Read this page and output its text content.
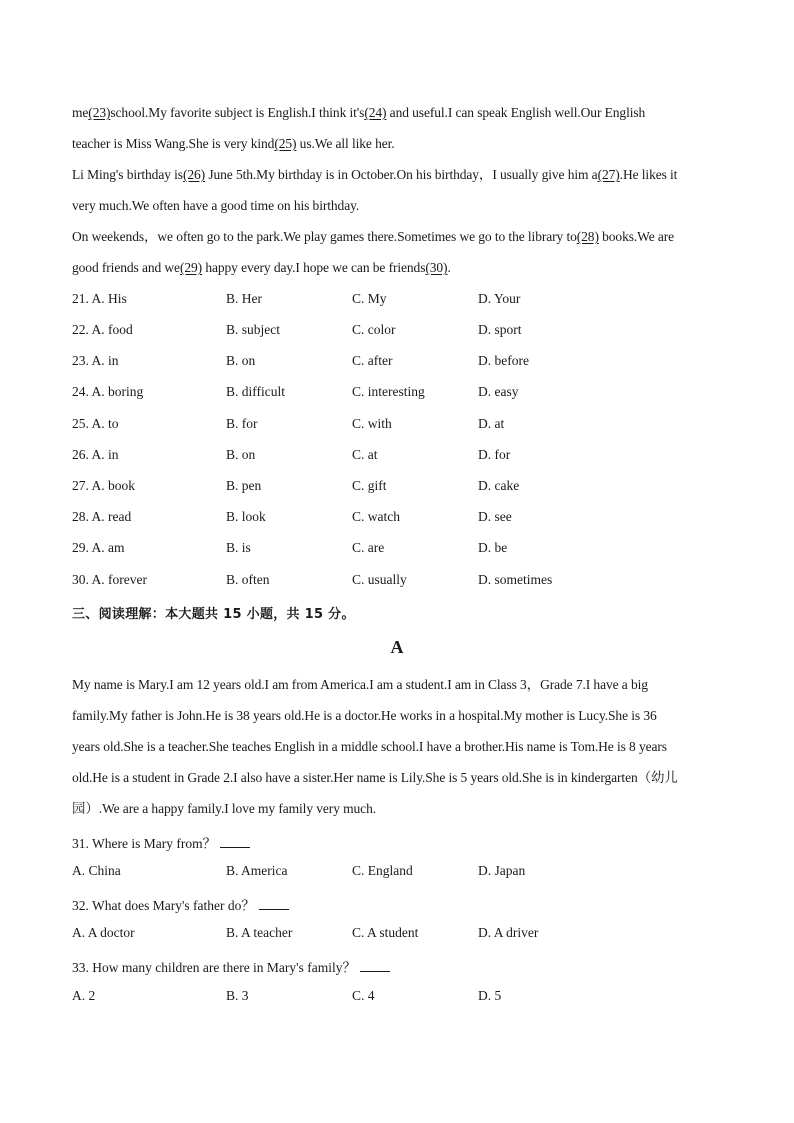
me(23)school.My favorite subject is English.I think it's(24) and useful.I can speak English well.Our English
teacher is Miss Wang.She is very kind(25) us.We all like her.
Li Ming's birthday is(26) June 5th.My birthday is in October.On his birthday，I usually give him a(27).He likes it
very much.We often have a good time on his birthday.
On weekends，we often go to the park.We play games there.Sometimes we go to the library to(28) books.We are
good friends and we(29) happy every day.I hope we can be friends(30).
21. A. His	B. Her	C. My	D. Your
22. A. food	B. subject	C. color	D. sport
23. A. in	B. on	C. after	D. before
24. A. boring	B. difficult	C. interesting	D. easy
25. A. to	B. for	C. with	D. at
26. A. in	B. on	C. at	D. for
27. A. book	B. pen	C. gift	D. cake
28. A. read	B. look	C. watch	D. see
29. A. am	B. is	C. are	D. be
30. A. forever	B. often	C. usually	D. sometimes
三、阅读理解：本大题共 15 小题，共 15 分。
A
My name is Mary.I am 12 years old.I am from America.I am a student.I am in Class 3，Grade 7.I have a big
family.My father is John.He is 38 years old.He is a doctor.He works in a hospital.My mother is Lucy.She is 36
years old.She is a teacher.She teaches English in a middle school.I have a brother.His name is Tom.He is 8 years
old.He is a student in Grade 2.I also have a sister.Her name is Lily.She is 5 years old.She is in kindergarten（幼儿
园）.We are a happy family.I love my family very much.
31. Where is Mary from？
A. China	B. America	C. England	D. Japan
32. What does Mary's father do？
A. A doctor	B. A teacher	C. A student	D. A driver
33. How many children are there in Mary's family？
A. 2	B. 3	C. 4	D. 5
